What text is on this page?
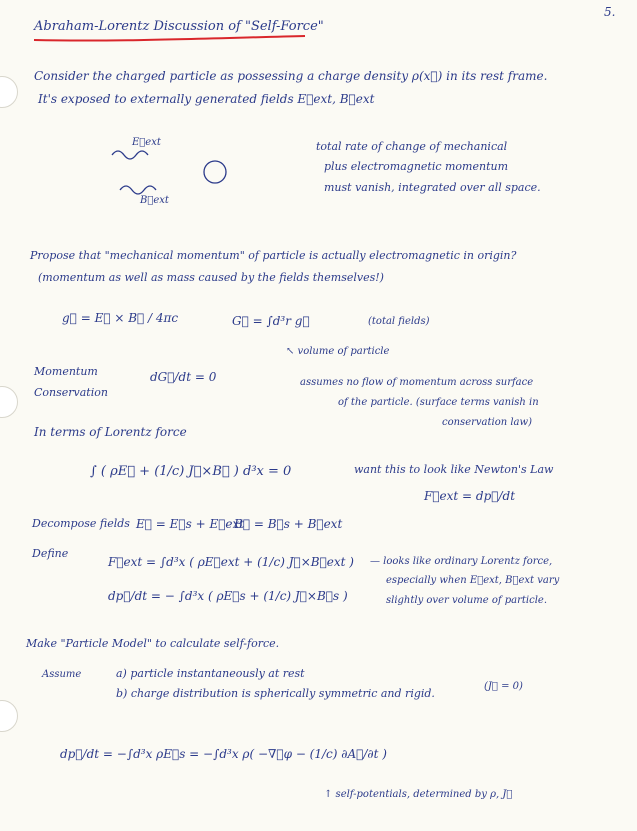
5.
Abraham-Lorentz Discussion of "Self-Force"
Consider the charged particle as possessing a charge density ρ(x⃗) in its rest frame.
It's exposed to externally generated fields E⃗ext, B⃗ext
E⃗ext
B⃗ext
total rate of change of mechanical
plus electromagnetic momentum
must vanish, integrated over all space.
Propose that "mechanical momentum" of particle is actually electromagnetic in origin?
(momentum as well as mass caused by the fields themselves!)
g⃗ = E⃗ × B⃗ / 4πc	G⃗ = ∫d³r g⃗	(total fields)
↖ volume of particle
Momentum
Conservation
dG⃗/dt = 0	assumes no flow of momentum across surface
of the particle. (surface terms vanish in
conservation law)
In terms of Lorentz force
∫ ( ρE⃗ + (1/c) J⃗×B⃗ ) d³x = 0	want this to look like Newton's Law
F⃗ext = dp⃗/dt
Decompose fields E⃗ = E⃗s + E⃗ext
B⃗ = B⃗s + B⃗ext
Define
F⃗ext = ∫d³x ( ρE⃗ext + (1/c) J⃗×B⃗ext )
dp⃗/dt = − ∫d³x ( ρE⃗s + (1/c) J⃗×B⃗s )
— looks like ordinary Lorentz force,
especially when E⃗ext, B⃗ext vary
slightly over volume of particle.
Make "Particle Model" to calculate self-force.
Assume	a) particle instantaneously at rest
b) charge distribution is spherically symmetric and rigid.
(J⃗ = 0)
dp⃗/dt = −∫d³x ρE⃗s = −∫d³x ρ( −∇⃗φ − (1/c) ∂A⃗/∂t )
↑ self-potentials, determined by ρ, J⃗
